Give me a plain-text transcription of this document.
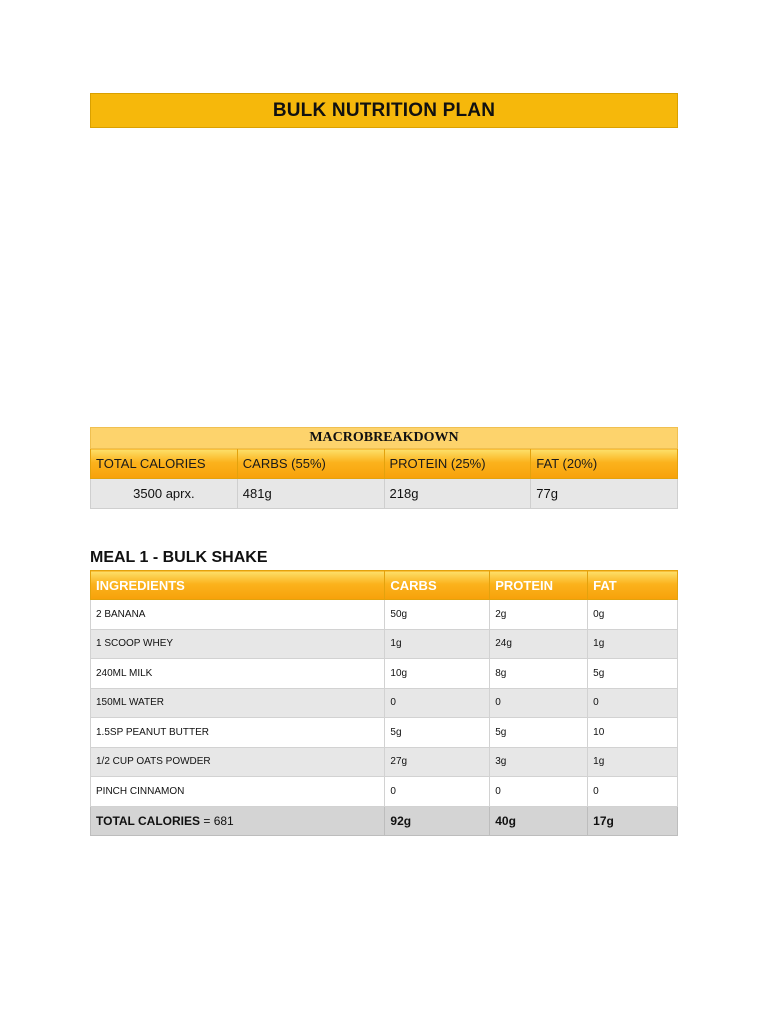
BULK NUTRITION PLAN
MACROBREAKDOWN			
TOTAL CALORIES	CARBS (55%)	PROTEIN (25%)	FAT (20%)
3500 aprx.	481g	218g	77g
MEAL 1 - BULK SHAKE
INGREDIENTS	CARBS	PROTEIN	FAT
2 BANANA	50g	2g	0g
1 SCOOP WHEY	1g	24g	1g
240ML MILK	10g	8g	5g
150ML WATER	0	0	0
1.5SP PEANUT BUTTER	5g	5g	10
1/2 CUP OATS POWDER	27g	3g	1g
PINCH CINNAMON	0	0	0
TOTAL CALORIES = 681	92g	40g	17g
